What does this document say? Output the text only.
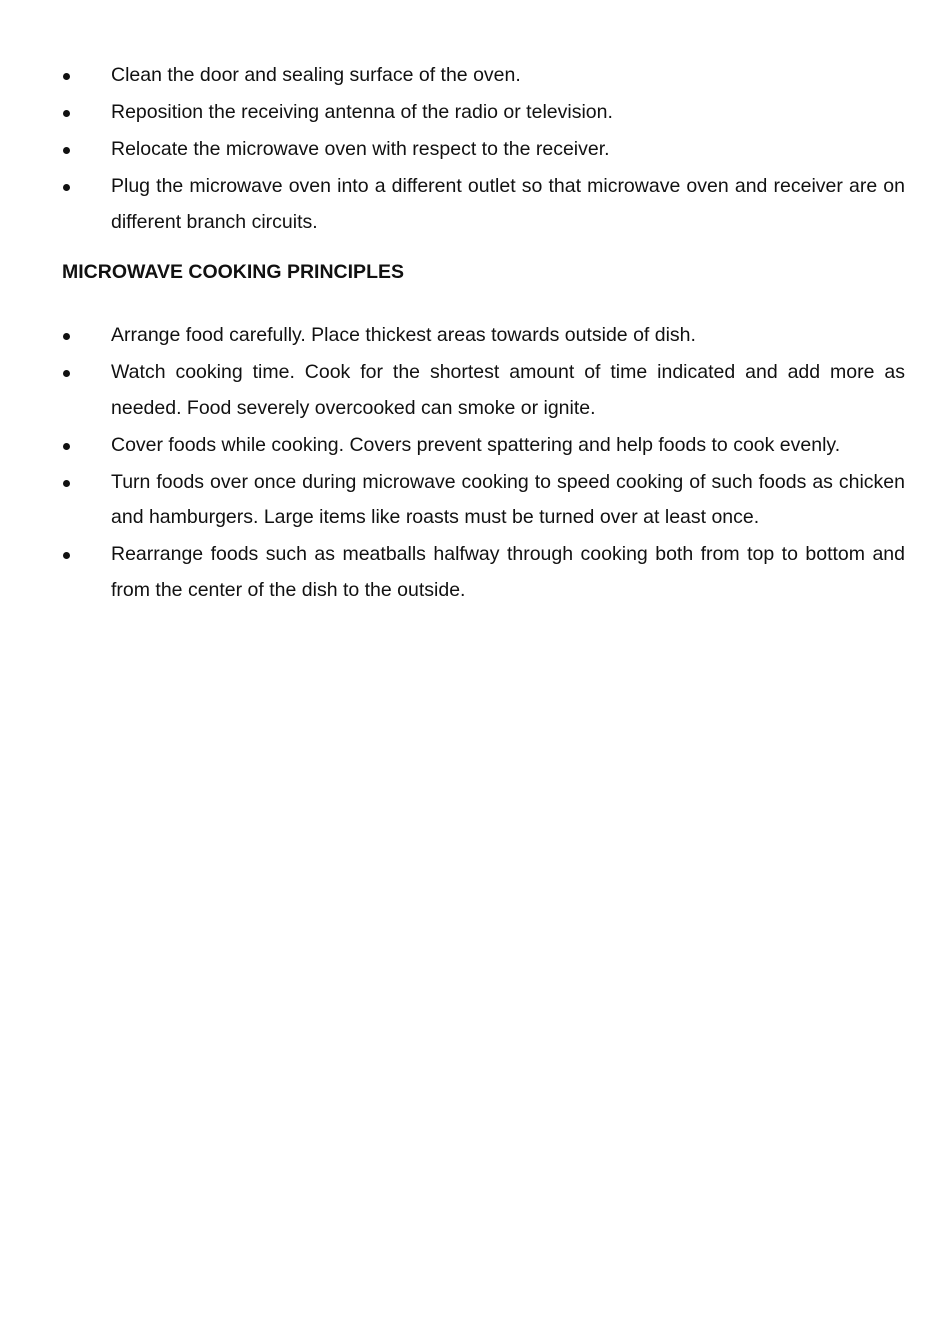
Clean the door and sealing surface of the oven.
Reposition the receiving antenna of the radio or television.
Relocate the microwave oven with respect to the receiver.
Plug the microwave oven into a different outlet so that microwave oven and receiver are on different branch circuits.
MICROWAVE COOKING PRINCIPLES
Arrange food carefully. Place thickest areas towards outside of dish.
Watch cooking time. Cook for the shortest amount of time indicated and add more as needed. Food severely overcooked can smoke or ignite.
Cover foods while cooking. Covers prevent spattering and help foods to cook evenly.
Turn foods over once during microwave cooking to speed cooking of such foods as chicken and hamburgers. Large items like roasts must be turned over at least once.
Rearrange foods such as meatballs halfway through cooking both from top to bottom and from the center of the dish to the outside.
